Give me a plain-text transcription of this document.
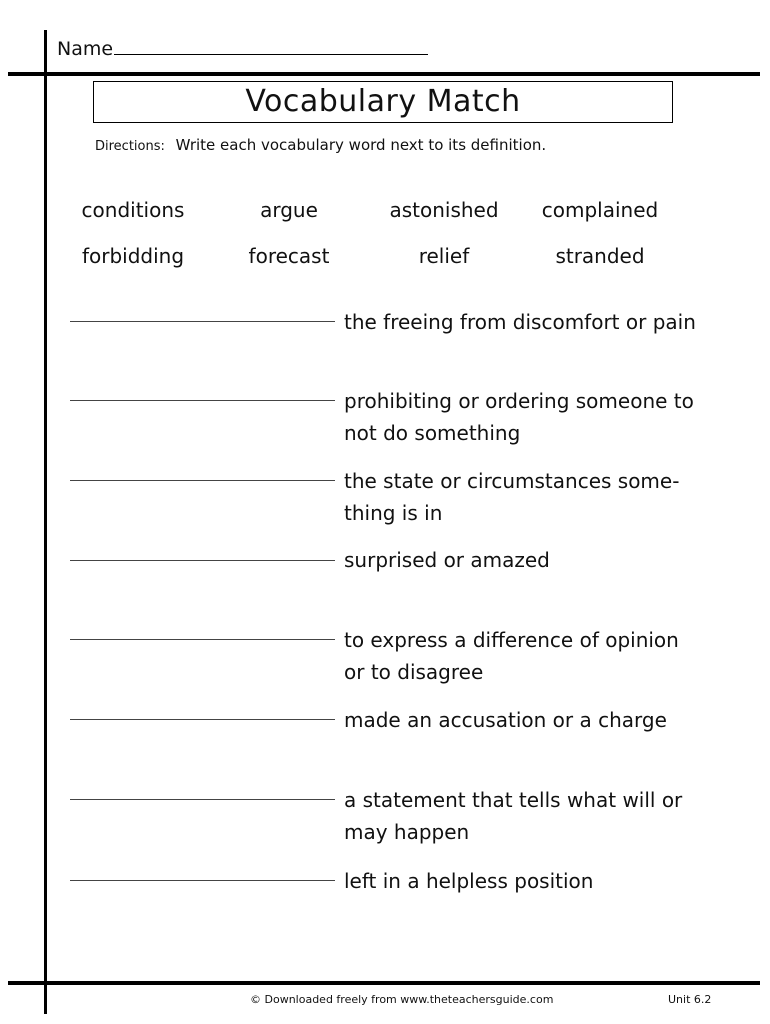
Name
Vocabulary Match
Directions: Write each vocabulary word next to its definition.
conditions	argue	astonished	complained
forbidding	forecast	relief	stranded
the freeing from discomfort or pain
prohibiting or ordering someone to
not do something
the state or circumstances some-
thing is in
surprised or amazed
to express a difference of opinion
or to disagree
made an accusation or a charge
a statement that tells what will or
may happen
left in a helpless position
© Downloaded freely from www.theteachersguide.com	Unit 6.2
